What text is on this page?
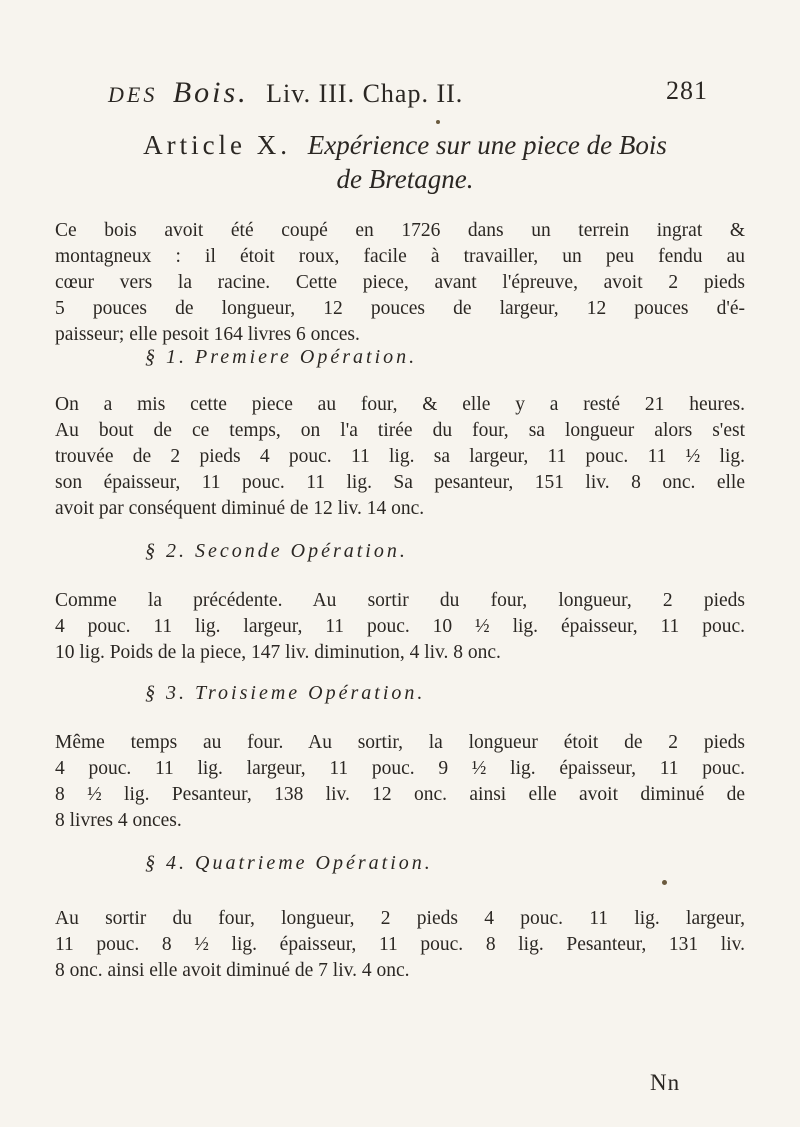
DES Bois. Liv. III. Chap. II.	281
Article X. Expérience sur une piece de Bois
de Bretagne.
Ce bois avoit été coupé en 1726 dans un terrein ingrat &
montagneux : il étoit roux, facile à travailler, un peu fendu au
cœur vers la racine. Cette piece, avant l'épreuve, avoit 2 pieds
5 pouces de longueur, 12 pouces de largeur, 12 pouces d'é-
paisseur; elle pesoit 164 livres 6 onces.
§ 1. Premiere Opération.
On a mis cette piece au four, & elle y a resté 21 heures.
Au bout de ce temps, on l'a tirée du four, sa longueur alors s'est
trouvée de 2 pieds 4 pouc. 11 lig. sa largeur, 11 pouc. 11 ½ lig.
son épaisseur, 11 pouc. 11 lig. Sa pesanteur, 151 liv. 8 onc. elle
avoit par conséquent diminué de 12 liv. 14 onc.
§ 2. Seconde Opération.
Comme la précédente. Au sortir du four, longueur, 2 pieds
4 pouc. 11 lig. largeur, 11 pouc. 10 ½ lig. épaisseur, 11 pouc.
10 lig. Poids de la piece, 147 liv. diminution, 4 liv. 8 onc.
§ 3. Troisieme Opération.
Même temps au four. Au sortir, la longueur étoit de 2 pieds
4 pouc. 11 lig. largeur, 11 pouc. 9 ½ lig. épaisseur, 11 pouc.
8 ½ lig. Pesanteur, 138 liv. 12 onc. ainsi elle avoit diminué de
8 livres 4 onces.
§ 4. Quatrieme Opération.
Au sortir du four, longueur, 2 pieds 4 pouc. 11 lig. largeur,
11 pouc. 8 ½ lig. épaisseur, 11 pouc. 8 lig. Pesanteur, 131 liv.
8 onc. ainsi elle avoit diminué de 7 liv. 4 onc.
Nn
